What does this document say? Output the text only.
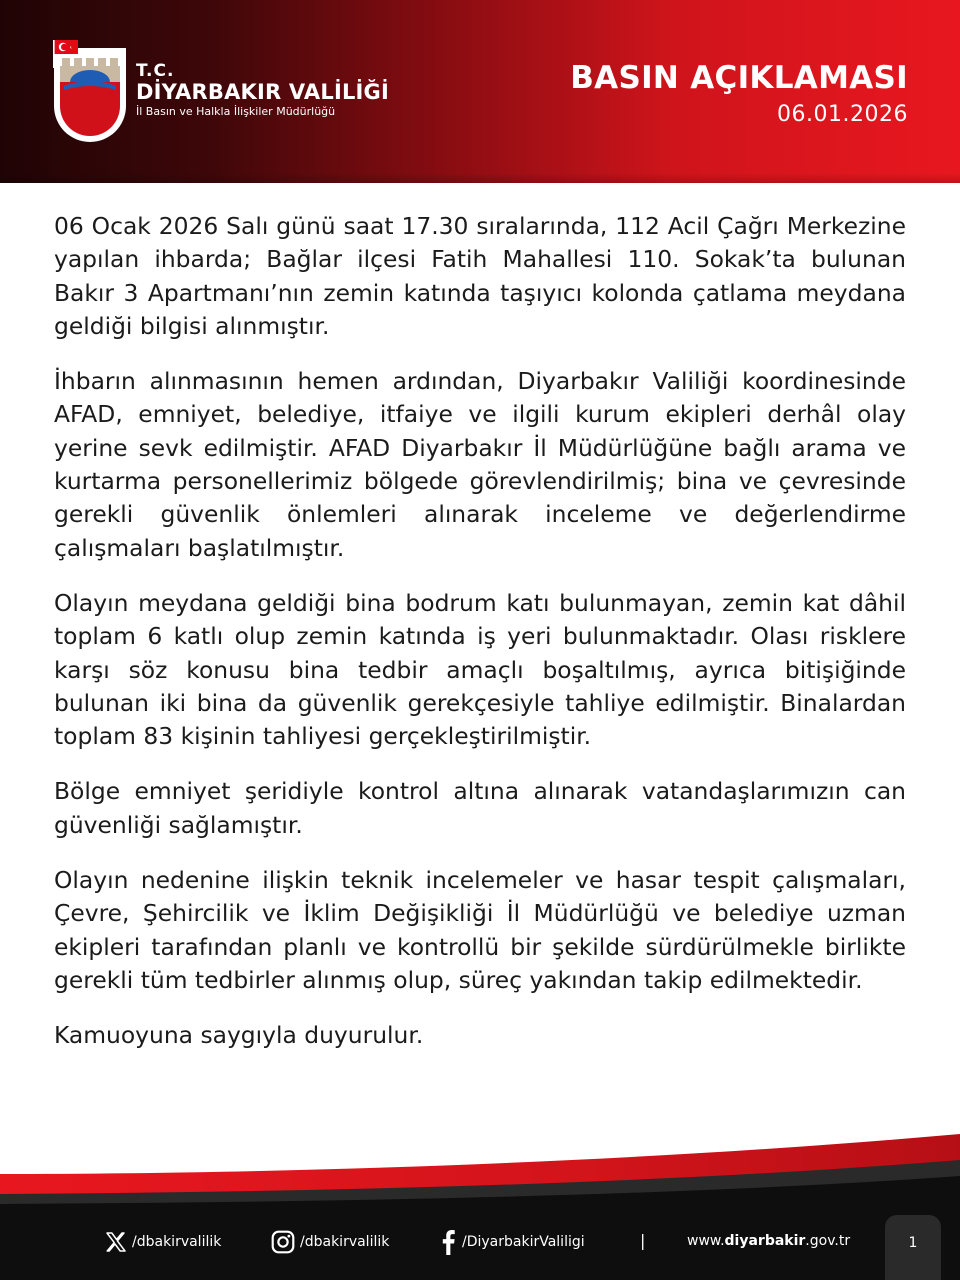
T.C.
DİYARBAKIR VALİLİĞİ
İl Basın ve Halkla İlişkiler Müdürlüğü
BASIN AÇIKLAMASI
06.01.2026

06 Ocak 2026 Salı günü saat 17.30 sıralarında, 112 Acil Çağrı Merkezine yapılan ihbarda; Bağlar ilçesi Fatih Mahallesi 110. Sokak’ta bulunan Bakır 3 Apartmanı’nın zemin katında taşıyıcı kolonda çatlama meydana geldiği bilgisi alınmıştır.

İhbarın alınmasının hemen ardından, Diyarbakır Valiliği koordinesinde AFAD, emniyet, belediye, itfaiye ve ilgili kurum ekipleri derhâl olay yerine sevk edilmiştir. AFAD Diyarbakır İl Müdürlüğüne bağlı arama ve kurtarma personellerimiz bölgede görevlendirilmiş; bina ve çevresinde gerekli güvenlik önlemleri alınarak inceleme ve değerlendirme çalışmaları başlatılmıştır.

Olayın meydana geldiği bina bodrum katı bulunmayan, zemin kat dâhil toplam 6 katlı olup zemin katında iş yeri bulunmaktadır. Olası risklere karşı söz konusu bina tedbir amaçlı boşaltılmış, ayrıca bitişiğinde bulunan iki bina da güvenlik gerekçesiyle tahliye edilmiştir. Binalardan toplam 83 kişinin tahliyesi gerçekleştirilmiştir.

Bölge emniyet şeridiyle kontrol altına alınarak vatandaşlarımızın can güvenliği sağlamıştır.

Olayın nedenine ilişkin teknik incelemeler ve hasar tespit çalışmaları, Çevre, Şehircilik ve İklim Değişikliği İl Müdürlüğü ve belediye uzman ekipleri tarafından planlı ve kontrollü bir şekilde sürdürülmekle birlikte gerekli tüm tedbirler alınmış olup, süreç yakından takip edilmektedir.

Kamuoyuna saygıyla duyurulur.

/dbakirvalilik	/dbakirvalilik	/DiyarbakirValiligi	|	www.diyarbakir.gov.tr	1
